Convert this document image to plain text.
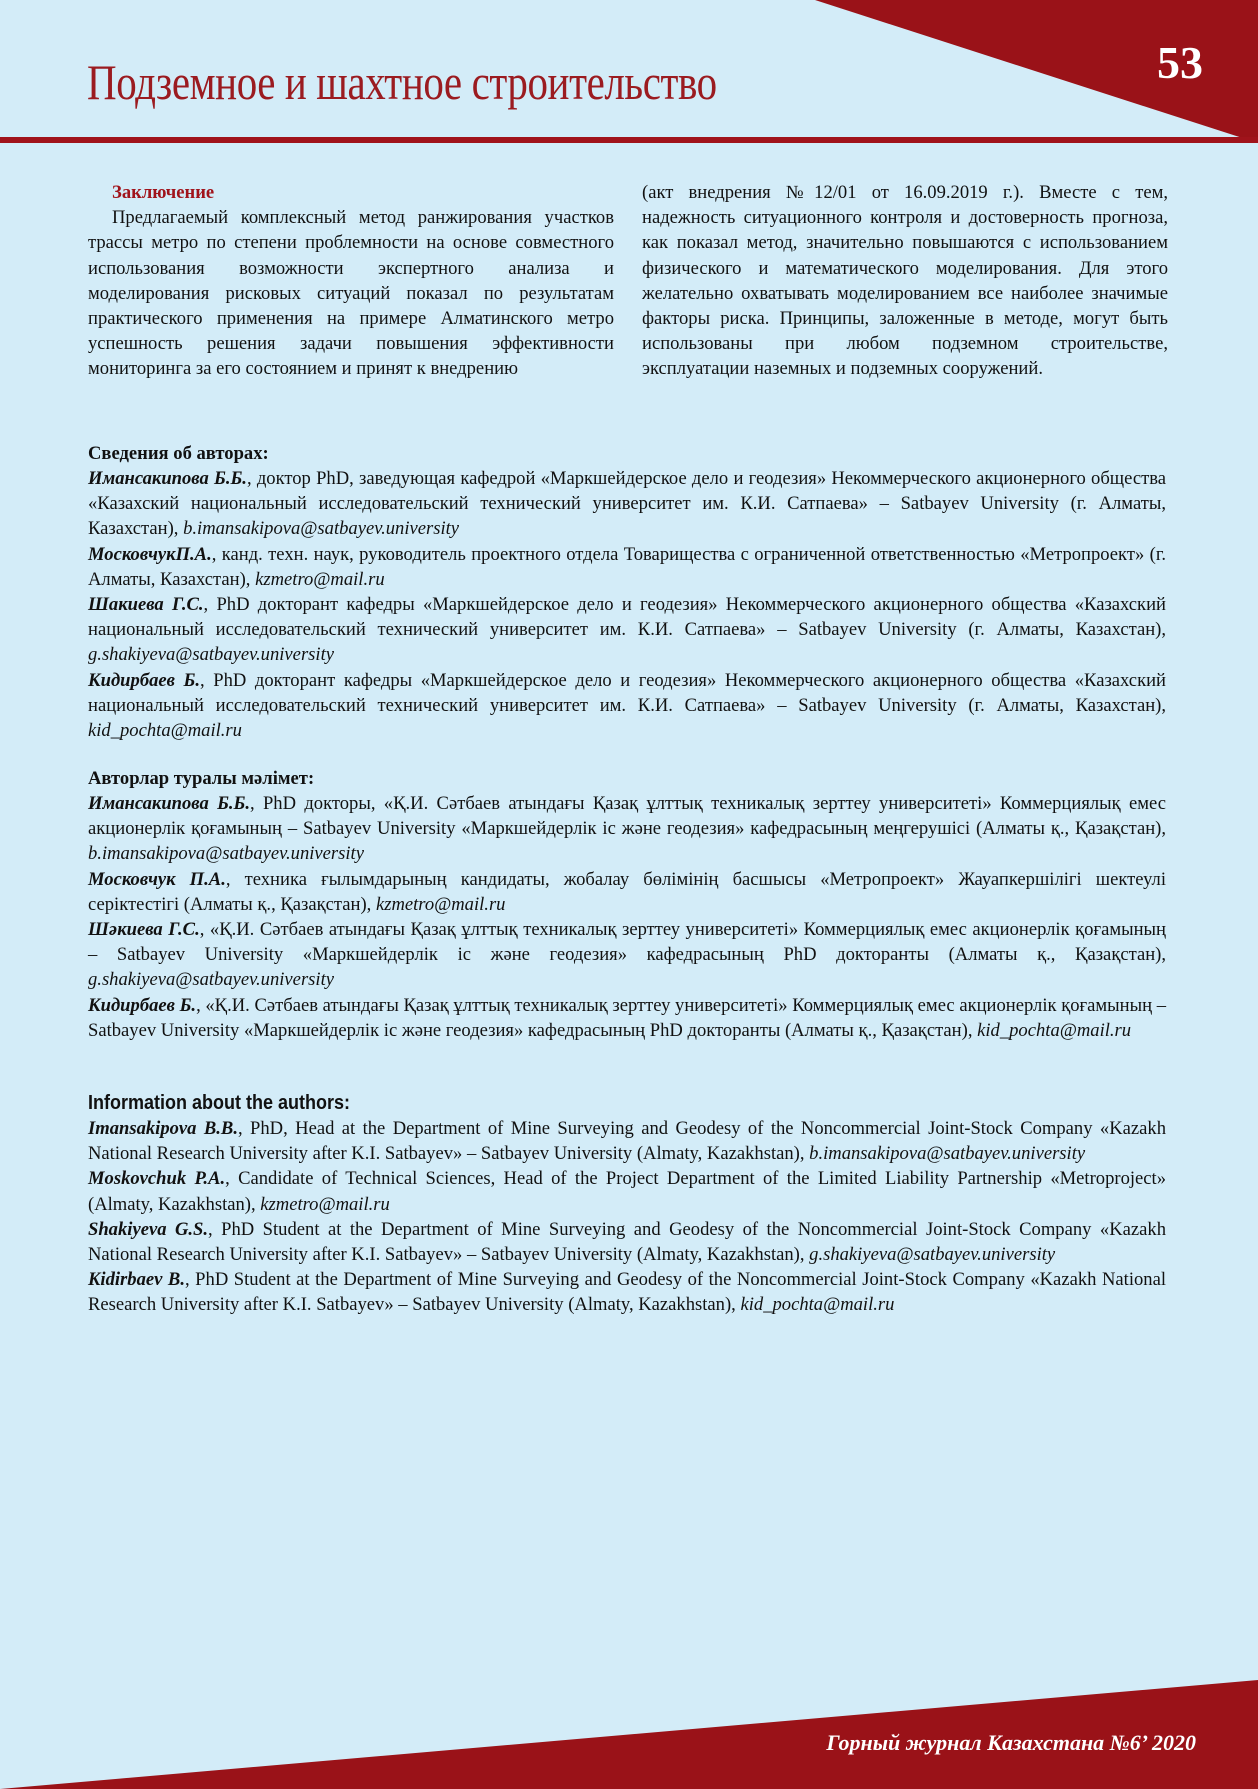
Подземное и шахтное строительство	53
Заключение

Предлагаемый комплексный метод ранжирования участков трассы метро по степени проблемности на основе совместного использования возможности экспертного анализа и моделирования рисковых ситуаций показал по результатам практического применения на примере Алматинского метро успешность решения задачи повышения эффективности мониторинга за его состоянием и принят к внедрению

(акт внедрения №12/01 от 16.09.2019 г.). Вместе с тем, надежность ситуационного контроля и достоверность прогноза, как показал метод, значительно повышаются с использованием физического и математического моделирования. Для этого желательно охватывать моделированием все наиболее значимые факторы риска. Принципы, заложенные в методе, могут быть использованы при любом подземном строительстве, эксплуатации наземных и подземных сооружений.

Сведения об авторах:

Имансакипова Б.Б., доктор PhD, заведующая кафедрой «Маркшейдерское дело и геодезия» Некоммерческого акционерного общества «Казахский национальный исследовательский технический университет им. К.И. Сатпаева» – Satbayev University (г. Алматы, Казахстан), b.imansakipova@satbayev.university

МосковчукП.А., канд. техн. наук, руководитель проектного отдела Товарищества с ограниченной ответственностью «Метропроект» (г. Алматы, Казахстан), kzmetro@mail.ru

Шакиева Г.С., PhD докторант кафедры «Маркшейдерское дело и геодезия» Некоммерческого акционерного общества «Казахский национальный исследовательский технический университет им. К.И. Сатпаева» – Satbayev University (г. Алматы, Казахстан), g.shakiyeva@satbayev.university

Кидирбаев Б., PhD докторант кафедры «Маркшейдерское дело и геодезия» Некоммерческого акционерного общества «Казахский национальный исследовательский технический университет им. К.И. Сатпаева» – Satbayev University (г. Алматы, Казахстан), kid_pochta@mail.ru

Авторлар туралы мәлімет:

Имансакипова Б.Б., PhD докторы, «Қ.И. Сәтбаев атындағы Қазақ ұлттық техникалық зерттеу университеті» Коммерциялық емес акционерлік қоғамының – Satbayev University «Маркшейдерлік іс және геодезия» кафедрасының меңгерушісі (Алматы қ., Қазақстан), b.imansakipova@satbayev.university

Московчук П.А., техника ғылымдарының кандидаты, жобалау бөлімінің басшысы «Метропроект» Жауапкершілігі шектеулі серіктестігі (Алматы қ., Қазақстан), kzmetro@mail.ru

Шәкиева Г.С., «Қ.И. Сәтбаев атындағы Қазақ ұлттық техникалық зерттеу университеті» Коммерциялық емес акционерлік қоғамының – Satbayev University «Маркшейдерлік іс және геодезия» кафедрасының PhD докторанты (Алматы қ., Қазақстан), g.shakiyeva@satbayev.university

Кидирбаев Б., «Қ.И. Сәтбаев атындағы Қазақ ұлттық техникалық зерттеу университеті» Коммерциялық емес акционерлік қоғамының – Satbayev University «Маркшейдерлік іс және геодезия» кафедрасының PhD докторанты (Алматы қ., Қазақстан), kid_pochta@mail.ru

Information about the authors:

Imansakipova B.B., PhD, Head at the Department of Mine Surveying and Geodesy of the Noncommercial Joint-Stock Company «Kazakh National Research University after K.I. Satbayev» – Satbayev University (Almaty, Kazakhstan), b.imansakipova@satbayev.university

Moskovchuk P.A., Candidate of Technical Sciences, Head of the Project Department of the Limited Liability Partnership «Metroproject» (Almaty, Kazakhstan), kzmetro@mail.ru

Shakiyeva G.S., PhD Student at the Department of Mine Surveying and Geodesy of the Noncommercial Joint-Stock Company «Kazakh National Research University after K.I. Satbayev» – Satbayev University (Almaty, Kazakhstan), g.shakiyeva@satbayev.university

Kidirbaev B., PhD Student at the Department of Mine Surveying and Geodesy of the Noncommercial Joint-Stock Company «Kazakh National Research University after K.I. Satbayev» – Satbayev University (Almaty, Kazakhstan), kid_pochta@mail.ru

Горный журнал Казахстана №6’ 2020
